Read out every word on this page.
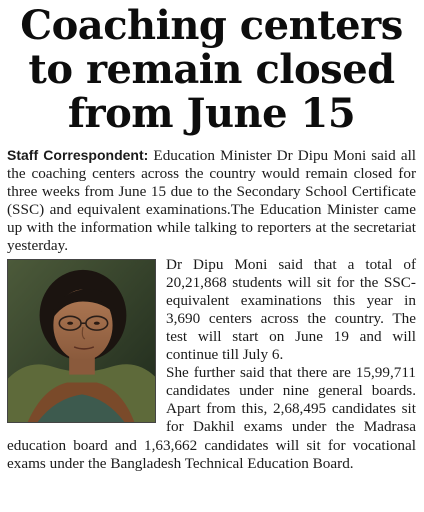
Coaching centers
to remain closed
from June 15

Staff Correspondent: Education Minister Dr Dipu Moni said all the coaching centers across the country would remain closed for three weeks from June 15 due to the Secondary School Certificate (SSC) and equivalent examinations.The Education Minister came up with the information while talking to reporters at the secretariat yesterday.

Dr Dipu Moni said that a total of 20,21,868 students will sit for the SSC-equivalent examinations this year in 3,690 centers across the country. The test will start on June 19 and will continue till July 6.

She further said that there are 15,99,711 candidates under nine general boards. Apart from this, 2,68,495 candidates sit for Dakhil exams under the Madrasa education board and 1,63,662 candidates will sit for vocational exams under the Bangladesh Technical Education Board.
